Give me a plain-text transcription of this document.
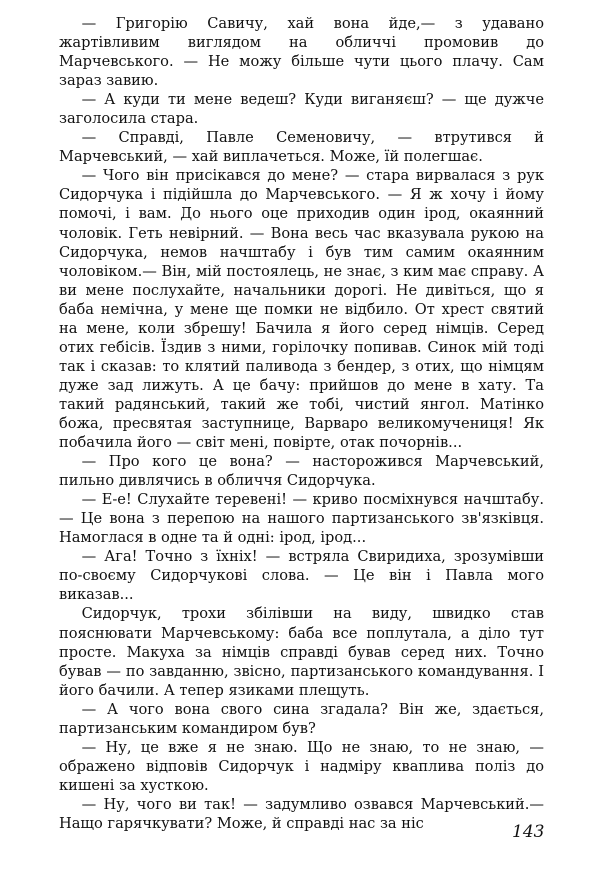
— Григорію Савичу, хай вона йде,— з удавано жартівливим виглядом на обличчі промовив до Марчевського. — Не можу більше чути цього плачу. Сам зараз завию.

— А куди ти мене ведеш? Куди виганяєш? — ще дужче заголосила стара.

— Справді, Павле Семеновичу, — втрутився й Марчевський, — хай виплачеться. Може, їй полегшає.

— Чого він присікався до мене? — стара вирвалася з рук Сидорчука і підійшла до Марчевського. — Я ж хочу і йому помочі, і вам. До нього оце приходив один ірод, окаянний чоловік. Геть невірний. — Вона весь час вказувала рукою на Сидорчука, немов начштабу і був тим самим окаянним чоловіком.— Він, мій постоялець, не знає, з ким має справу. А ви мене послухайте, начальники дорогі. Не дивіться, що я баба немічна, у мене ще помки не відбило. От хрест святий на мене, коли збрешу! Бачила я його серед німців. Серед отих гебісів. Їздив з ними, горілочку попивав. Синок мій тоді так і сказав: то клятий паливода з бендер, з отих, що німцям дуже зад лижуть. А це бачу: прийшов до мене в хату. Та такий радянський, такий же тобі, чистий янгол. Матінко божа, пресвятая заступнице, Варваро великомучениця! Як побачила його — світ мені, повірте, отак почорнів...

— Про кого це вона? — насторожився Марчевський, пильно дивлячись в обличчя Сидорчука.

— Е-е! Слухайте теревені! — криво посміхнувся начштабу. — Це вона з перепою на нашого партизанського зв'язківця. Намоглася в одне та й одні: ірод, ірод...

— Ага! Точно з їхніх! — встряла Свиридиха, зрозумівши по-своєму Сидорчукові слова. — Це він і Павла мого виказав...

Сидорчук, трохи збілівши на виду, швидко став пояснювати Марчевському: баба все поплутала, а діло тут просте. Макуха за німців справді бував серед них. Точно бував — по завданню, звісно, партизанського командування. І його бачили. А тепер язиками плещуть.

— А чого вона свого сина згадала? Він же, здається, партизанським командиром був?

— Ну, це вже я не знаю. Що не знаю, то не знаю, — ображено відповів Сидорчук і надміру кваплива поліз до кишені за хусткою.

— Ну, чого ви так! — задумливо озвався Марчевський.— Нащо гарячкувати? Може, й справді нас за ніс	143
